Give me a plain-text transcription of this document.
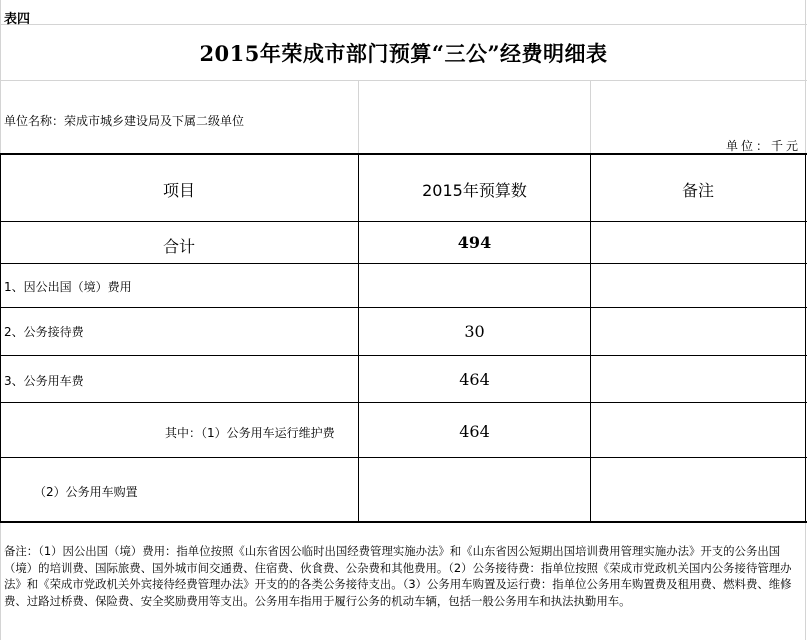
表四
2015年荣成市部门预算“三公”经费明细表
单位名称：荣成市城乡建设局及下属二级单位
单位：千元
项目	2015年预算数	备注
合计	494
1、因公出国（境）费用
2、公务接待费	30
3、公务用车费	464
其中：（1）公务用车运行维护费	464
（2）公务用车购置
备注：（1）因公出国（境）费用：指单位按照《山东省因公临时出国经费管理实施办法》和《山东省因公短期出国培训费用管理实施办法》开支的公务出国（境）的培训费、国际旅费、国外城市间交通费、住宿费、伙食费、公杂费和其他费用。（2）公务接待费：指单位按照《荣成市党政机关国内公务接待管理办法》和《荣成市党政机关外宾接待经费管理办法》开支的的各类公务接待支出。（3）公务用车购置及运行费：指单位公务用车购置费及租用费、燃料费、维修费、过路过桥费、保险费、安全奖励费用等支出。公务用车指用于履行公务的机动车辆，包括一般公务用车和执法执勤用车。
